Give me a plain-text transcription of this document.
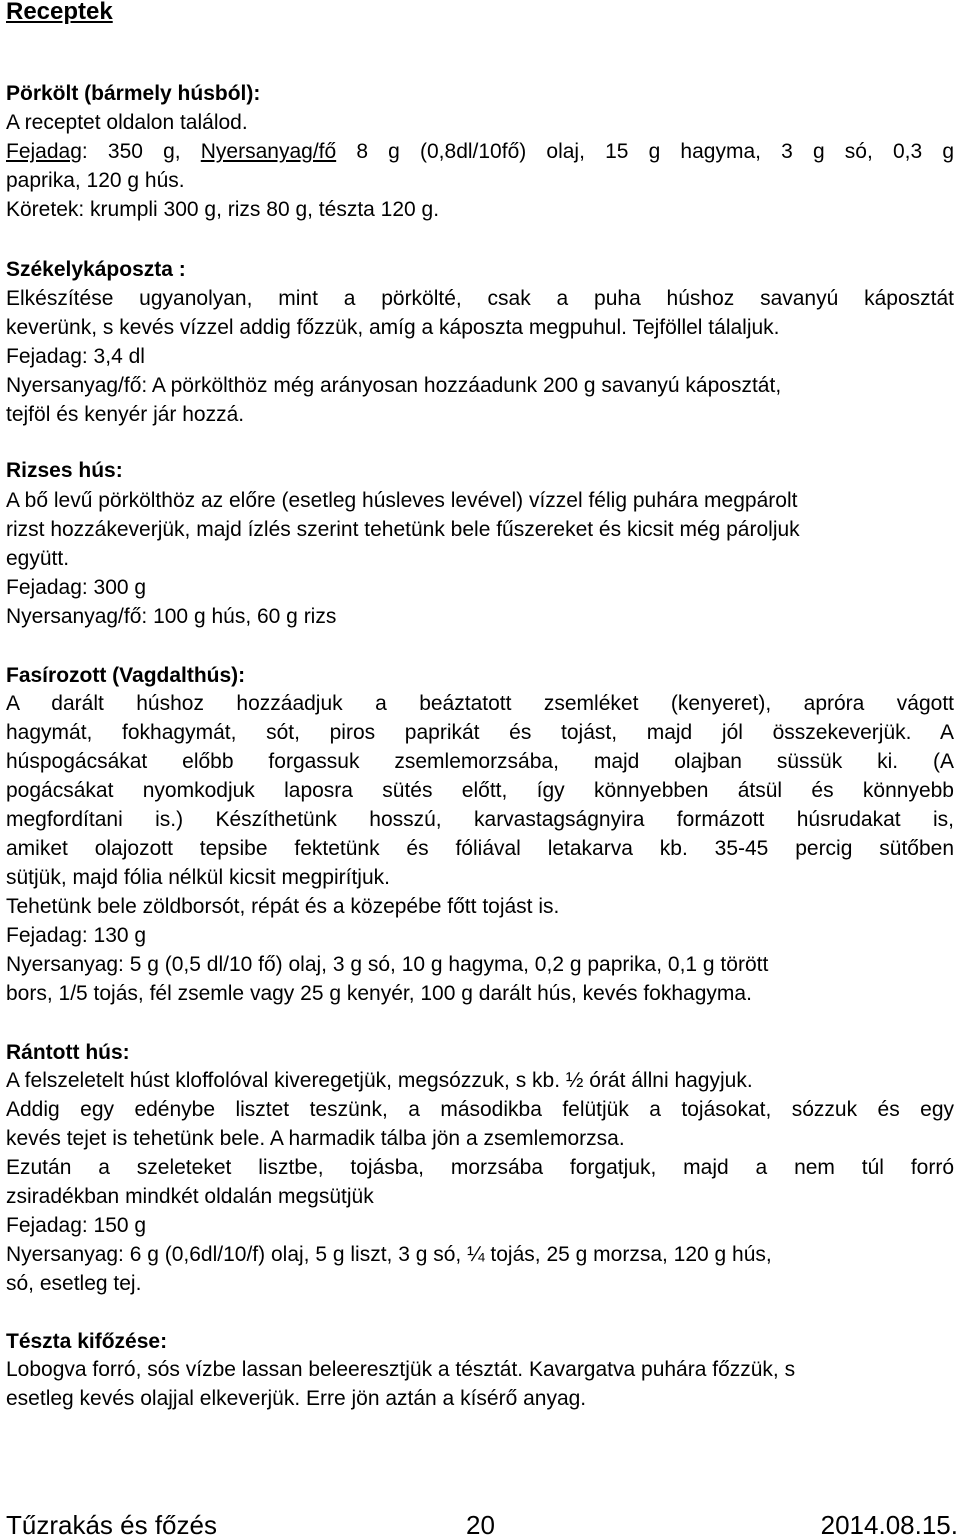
Receptek
Pörkölt (bármely húsból):
A receptet oldalon találod.
Fejadag: 350 g, Nyersanyag/fő 8 g (0,8dl/10fő) olaj, 15 g hagyma, 3 g só, 0,3 g
paprika, 120 g hús.
Köretek: krumpli 300 g, rizs 80 g, tészta 120 g.
Székelykáposzta :
Elkészítése ugyanolyan, mint a pörkölté, csak a puha húshoz savanyú káposztát
keverünk, s kevés vízzel addig főzzük, amíg a káposzta megpuhul. Tejföllel tálaljuk.
Fejadag: 3,4 dl
Nyersanyag/fő: A pörkölthöz még arányosan hozzáadunk 200 g savanyú káposztát,
tejföl és kenyér jár hozzá.
Rizses hús:
A bő levű pörkölthöz az előre (esetleg húsleves levével) vízzel félig puhára megpárolt
rizst hozzákeverjük, majd ízlés szerint tehetünk bele fűszereket és kicsit még pároljuk
együtt.
Fejadag: 300 g
Nyersanyag/fő: 100 g hús, 60 g rizs
Fasírozott (Vagdalthús):
A darált húshoz hozzáadjuk a beáztatott zsemléket (kenyeret), apróra vágott
hagymát, fokhagymát, sót, piros paprikát és tojást, majd jól összekeverjük. A
húspogácsákat előbb forgassuk zsemlemorzsába, majd olajban süssük ki. (A
pogácsákat nyomkodjuk laposra sütés előtt, így könnyebben átsül és könnyebb
megfordítani is.) Készíthetünk hosszú, karvastagságnyira formázott húsrudakat is,
amiket olajozott tepsibe fektetünk és fóliával letakarva kb. 35-45 percig sütőben
sütjük, majd fólia nélkül kicsit megpirítjuk.
Tehetünk bele zöldborsót, répát és a közepébe főtt tojást is.
Fejadag: 130 g
Nyersanyag: 5 g (0,5 dl/10 fő) olaj, 3 g só, 10 g hagyma, 0,2 g paprika, 0,1 g törött
bors, 1/5 tojás, fél zsemle vagy 25 g kenyér, 100 g darált hús, kevés fokhagyma.
Rántott hús:
A felszeletelt húst kloffolóval kiveregetjük, megsózzuk, s kb. ½ órát állni hagyjuk.
Addig egy edénybe lisztet teszünk, a másodikba felütjük a tojásokat, sózzuk és egy
kevés tejet is tehetünk bele. A harmadik tálba jön a zsemlemorzsa.
Ezután a szeleteket lisztbe, tojásba, morzsába forgatjuk, majd a nem túl forró
zsiradékban mindkét oldalán megsütjük
Fejadag: 150 g
Nyersanyag: 6 g (0,6dl/10/f) olaj, 5 g liszt, 3 g só, ¼ tojás, 25 g morzsa, 120 g hús,
só, esetleg tej.
Tészta kifőzése:
Lobogva forró, sós vízbe lassan beleeresztjük a tésztát. Kavargatva puhára főzzük, s
esetleg kevés olajjal elkeverjük. Erre jön aztán a kísérő anyag.
Tűzrakás és főzés	20	2014.08.15.
